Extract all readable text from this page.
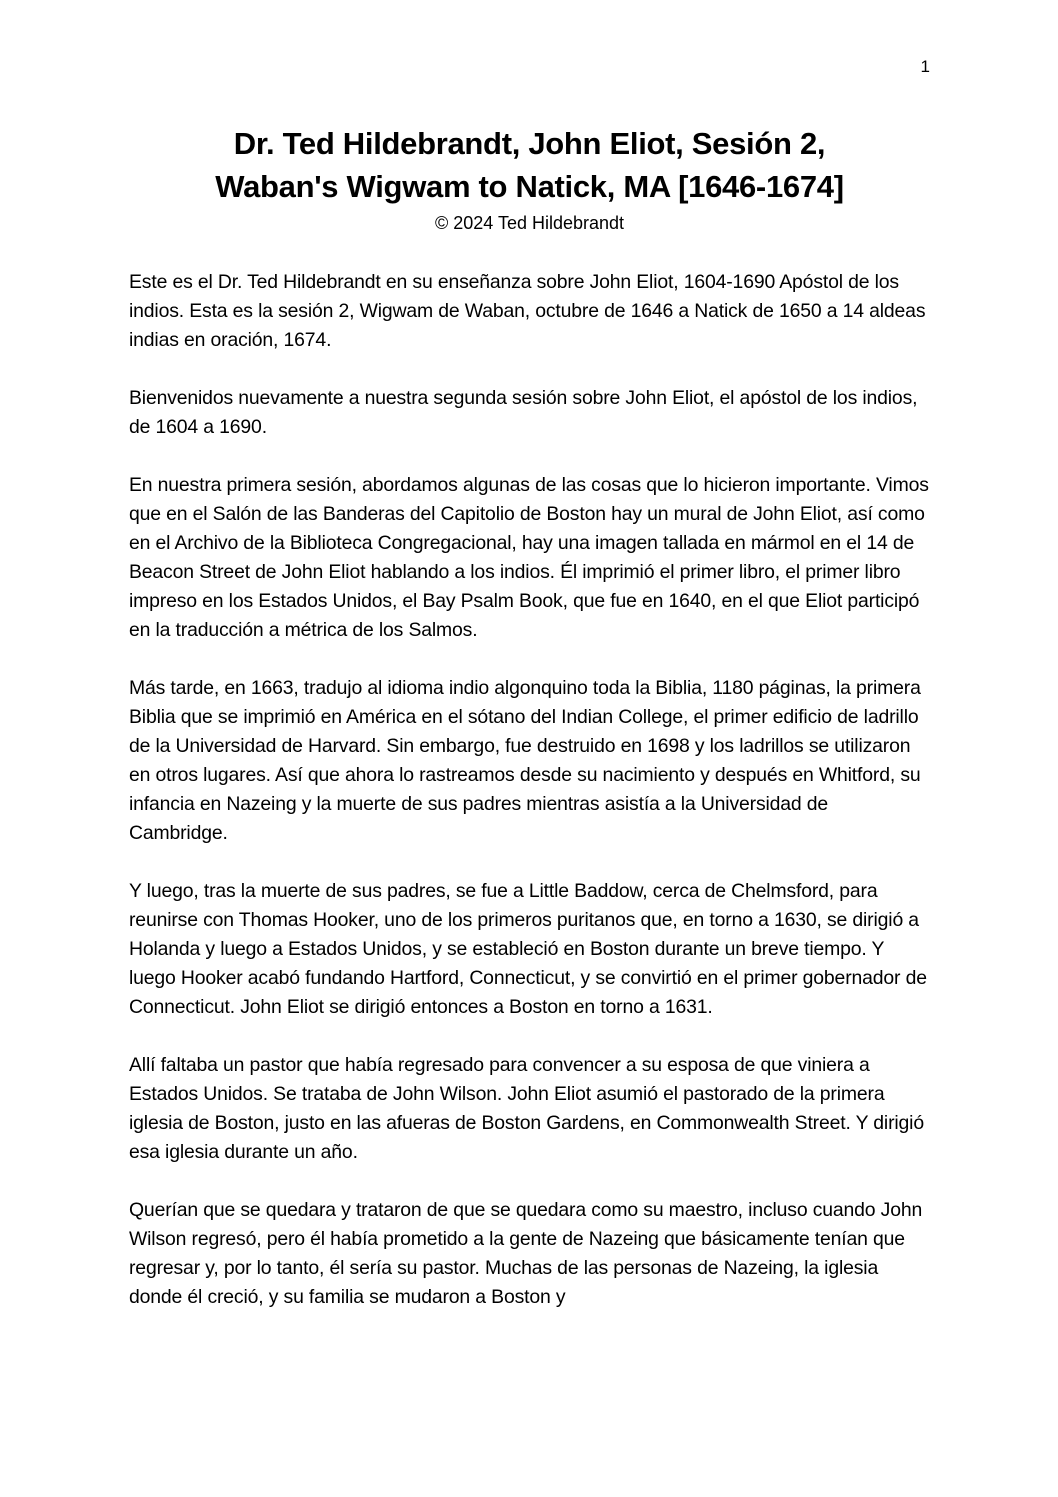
1
Dr. Ted Hildebrandt, John Eliot, Sesión 2,
Waban's Wigwam to Natick, MA [1646-1674]
© 2024 Ted Hildebrandt

Este es el Dr. Ted Hildebrandt en su enseñanza sobre John Eliot, 1604-1690 Apóstol de los indios. Esta es la sesión 2, Wigwam de Waban, octubre de 1646 a Natick de 1650 a 14 aldeas indias en oración, 1674.

Bienvenidos nuevamente a nuestra segunda sesión sobre John Eliot, el apóstol de los indios, de 1604 a 1690.

En nuestra primera sesión, abordamos algunas de las cosas que lo hicieron importante. Vimos que en el Salón de las Banderas del Capitolio de Boston hay un mural de John Eliot, así como en el Archivo de la Biblioteca Congregacional, hay una imagen tallada en mármol en el 14 de Beacon Street de John Eliot hablando a los indios. Él imprimió el primer libro, el primer libro impreso en los Estados Unidos, el Bay Psalm Book, que fue en 1640, en el que Eliot participó en la traducción a métrica de los Salmos.

Más tarde, en 1663, tradujo al idioma indio algonquino toda la Biblia, 1180 páginas, la primera Biblia que se imprimió en América en el sótano del Indian College, el primer edificio de ladrillo de la Universidad de Harvard. Sin embargo, fue destruido en 1698 y los ladrillos se utilizaron en otros lugares. Así que ahora lo rastreamos desde su nacimiento y después en Whitford, su infancia en Nazeing y la muerte de sus padres mientras asistía a la Universidad de Cambridge.

Y luego, tras la muerte de sus padres, se fue a Little Baddow, cerca de Chelmsford, para reunirse con Thomas Hooker, uno de los primeros puritanos que, en torno a 1630, se dirigió a Holanda y luego a Estados Unidos, y se estableció en Boston durante un breve tiempo. Y luego Hooker acabó fundando Hartford, Connecticut, y se convirtió en el primer gobernador de Connecticut. John Eliot se dirigió entonces a Boston en torno a 1631.

Allí faltaba un pastor que había regresado para convencer a su esposa de que viniera a Estados Unidos. Se trataba de John Wilson. John Eliot asumió el pastorado de la primera iglesia de Boston, justo en las afueras de Boston Gardens, en Commonwealth Street. Y dirigió esa iglesia durante un año.

Querían que se quedara y trataron de que se quedara como su maestro, incluso cuando John Wilson regresó, pero él había prometido a la gente de Nazeing que básicamente tenían que regresar y, por lo tanto, él sería su pastor. Muchas de las personas de Nazeing, la iglesia donde él creció, y su familia se mudaron a Boston y
